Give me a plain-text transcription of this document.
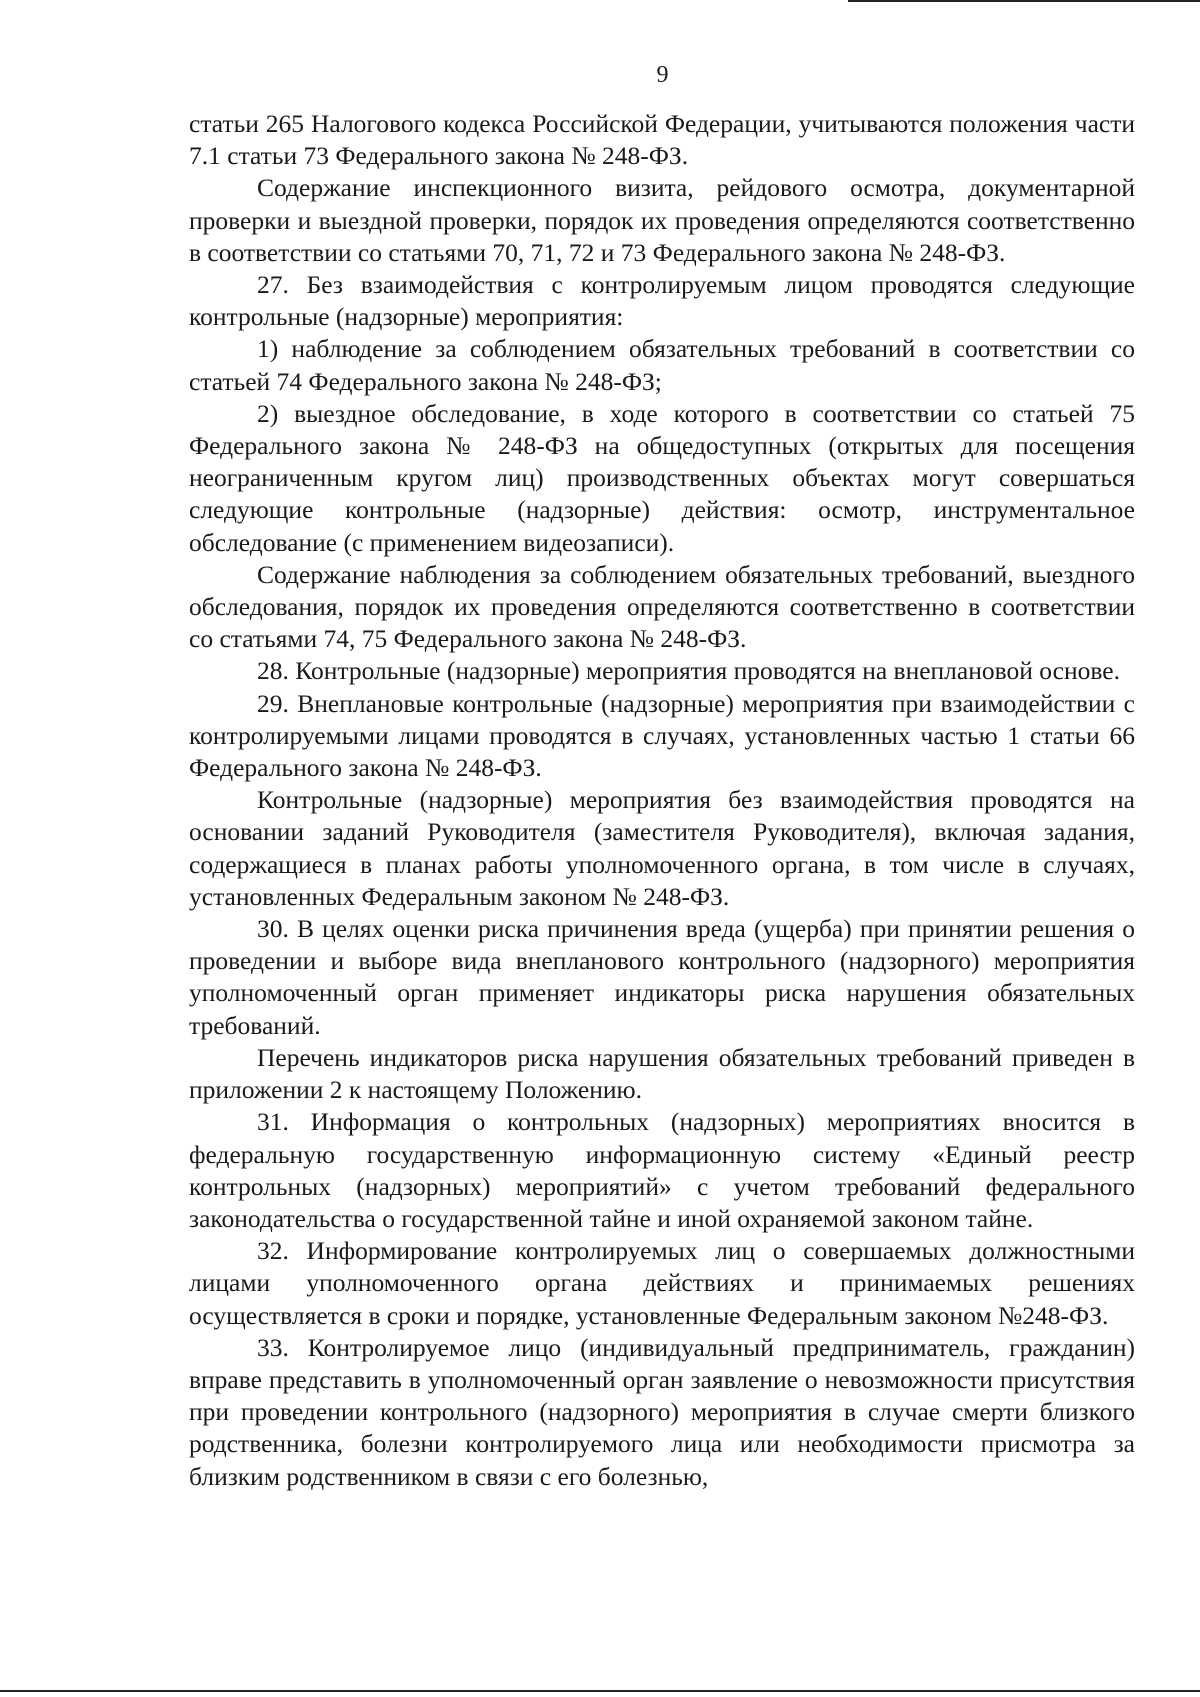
9

статьи 265 Налогового кодекса Российской Федерации, учитываются положения части 7.1 статьи 73 Федерального закона № 248-ФЗ.

Содержание инспекционного визита, рейдового осмотра, документарной проверки и выездной проверки, порядок их проведения определяются соответственно в соответствии со статьями 70, 71, 72 и 73 Федерального закона № 248-ФЗ.

27. Без взаимодействия с контролируемым лицом проводятся следующие контрольные (надзорные) мероприятия:

1) наблюдение за соблюдением обязательных требований в соответствии со статьей 74 Федерального закона № 248-ФЗ;

2) выездное обследование, в ходе которого в соответствии со статьей 75 Федерального закона № 248-ФЗ на общедоступных (открытых для посещения неограниченным кругом лиц) производственных объектах могут совершаться следующие контрольные (надзорные) действия: осмотр, инструментальное обследование (с применением видеозаписи).

Содержание наблюдения за соблюдением обязательных требований, выездного обследования, порядок их проведения определяются соответственно в соответствии со статьями 74, 75 Федерального закона № 248-ФЗ.

28. Контрольные (надзорные) мероприятия проводятся на внеплановой основе.

29. Внеплановые контрольные (надзорные) мероприятия при взаимодействии с контролируемыми лицами проводятся в случаях, установленных частью 1 статьи 66 Федерального закона № 248-ФЗ.

Контрольные (надзорные) мероприятия без взаимодействия проводятся на основании заданий Руководителя (заместителя Руководителя), включая задания, содержащиеся в планах работы уполномоченного органа, в том числе в случаях, установленных Федеральным законом № 248-ФЗ.

30. В целях оценки риска причинения вреда (ущерба) при принятии решения о проведении и выборе вида внепланового контрольного (надзорного) мероприятия уполномоченный орган применяет индикаторы риска нарушения обязательных требований.

Перечень индикаторов риска нарушения обязательных требований приведен в приложении 2 к настоящему Положению.

31. Информация о контрольных (надзорных) мероприятиях вносится в федеральную государственную информационную систему «Единый реестр контрольных (надзорных) мероприятий» с учетом требований федерального законодательства о государственной тайне и иной охраняемой законом тайне.

32. Информирование контролируемых лиц о совершаемых должностными лицами уполномоченного органа действиях и принимаемых решениях осуществляется в сроки и порядке, установленные Федеральным законом №248-ФЗ.

33. Контролируемое лицо (индивидуальный предприниматель, гражданин) вправе представить в уполномоченный орган заявление о невозможности присутствия при проведении контрольного (надзорного) мероприятия в случае смерти близкого родственника, болезни контролируемого лица или необходимости присмотра за близким родственником в связи с его болезнью,
